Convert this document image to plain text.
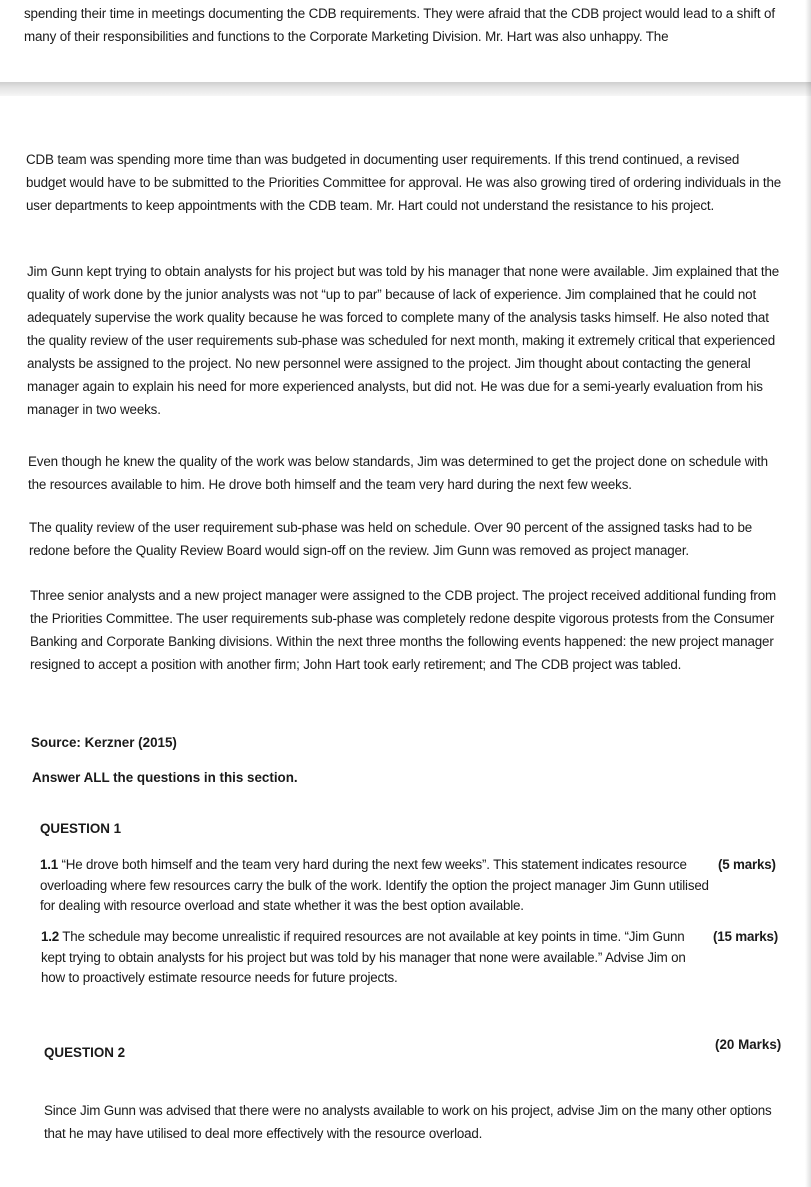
spending their time in meetings documenting the CDB requirements. They were afraid that the CDB project would lead to a shift of many of their responsibilities and functions to the Corporate Marketing Division. Mr. Hart was also unhappy. The
CDB team was spending more time than was budgeted in documenting user requirements. If this trend continued, a revised budget would have to be submitted to the Priorities Committee for approval. He was also growing tired of ordering individuals in the user departments to keep appointments with the CDB team. Mr. Hart could not understand the resistance to his project.
Jim Gunn kept trying to obtain analysts for his project but was told by his manager that none were available. Jim explained that the quality of work done by the junior analysts was not “up to par” because of lack of experience. Jim complained that he could not adequately supervise the work quality because he was forced to complete many of the analysis tasks himself. He also noted that the quality review of the user requirements sub-phase was scheduled for next month, making it extremely critical that experienced analysts be assigned to the project. No new personnel were assigned to the project. Jim thought about contacting the general manager again to explain his need for more experienced analysts, but did not. He was due for a semi-yearly evaluation from his manager in two weeks.
Even though he knew the quality of the work was below standards, Jim was determined to get the project done on schedule with the resources available to him. He drove both himself and the team very hard during the next few weeks.
The quality review of the user requirement sub-phase was held on schedule. Over 90 percent of the assigned tasks had to be redone before the Quality Review Board would sign-off on the review. Jim Gunn was removed as project manager.
Three senior analysts and a new project manager were assigned to the CDB project. The project received additional funding from the Priorities Committee. The user requirements sub-phase was completely redone despite vigorous protests from the Consumer Banking and Corporate Banking divisions. Within the next three months the following events happened: the new project manager resigned to accept a position with another firm; John Hart took early retirement; and The CDB project was tabled.
Source: Kerzner (2015)
Answer ALL the questions in this section.
QUESTION 1
1.1 “He drove both himself and the team very hard during the next few weeks”. This statement indicates resource overloading where few resources carry the bulk of the work. Identify the option the project manager Jim Gunn utilised for dealing with resource overload and state whether it was the best option available.
(5 marks)
1.2 The schedule may become unrealistic if required resources are not available at key points in time. “Jim Gunn kept trying to obtain analysts for his project but was told by his manager that none were available.” Advise Jim on how to proactively estimate resource needs for future projects.
(15 marks)
QUESTION 2
(20 Marks)
Since Jim Gunn was advised that there were no analysts available to work on his project, advise Jim on the many other options that he may have utilised to deal more effectively with the resource overload.
